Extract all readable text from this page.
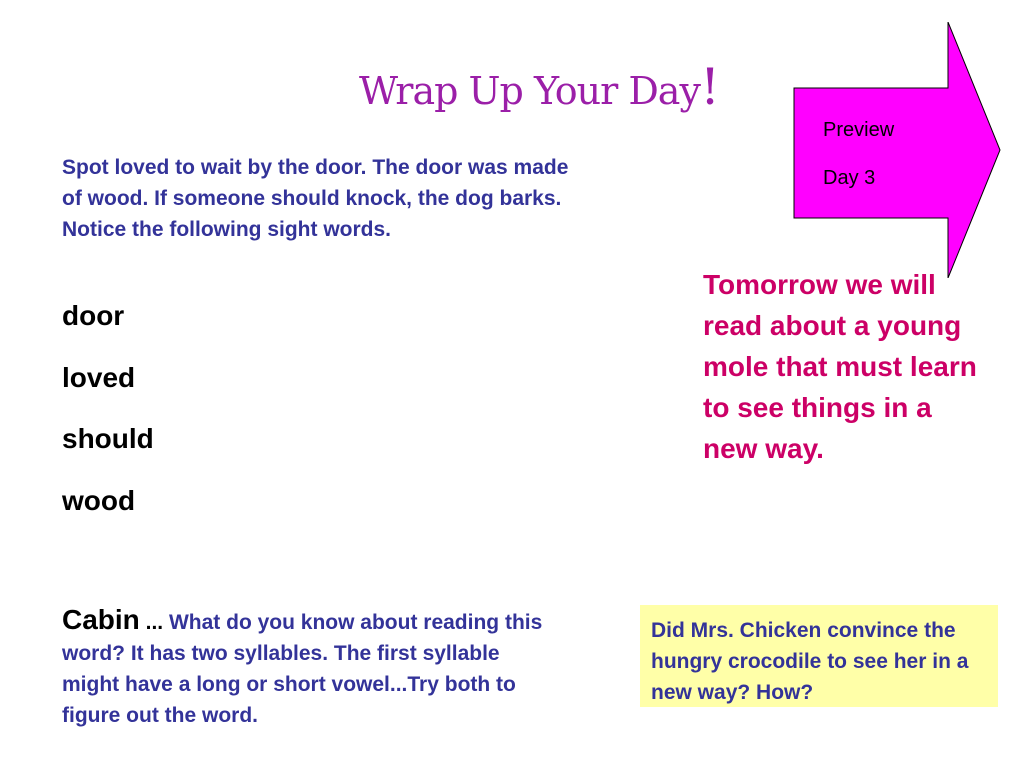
Wrap Up Your Day!
Preview
Day 3
Spot loved to wait by the door. The door was made of wood. If someone should knock, the dog barks. Notice the following sight words.
door
loved
should
wood
Tomorrow we will read about a young mole that must learn to see things in a new way.
Cabin ... What do you know about reading this word? It has two syllables. The first syllable might have a long or short vowel...Try both to figure out the word.
Did Mrs. Chicken convince the hungry crocodile to see her in a new way? How?
